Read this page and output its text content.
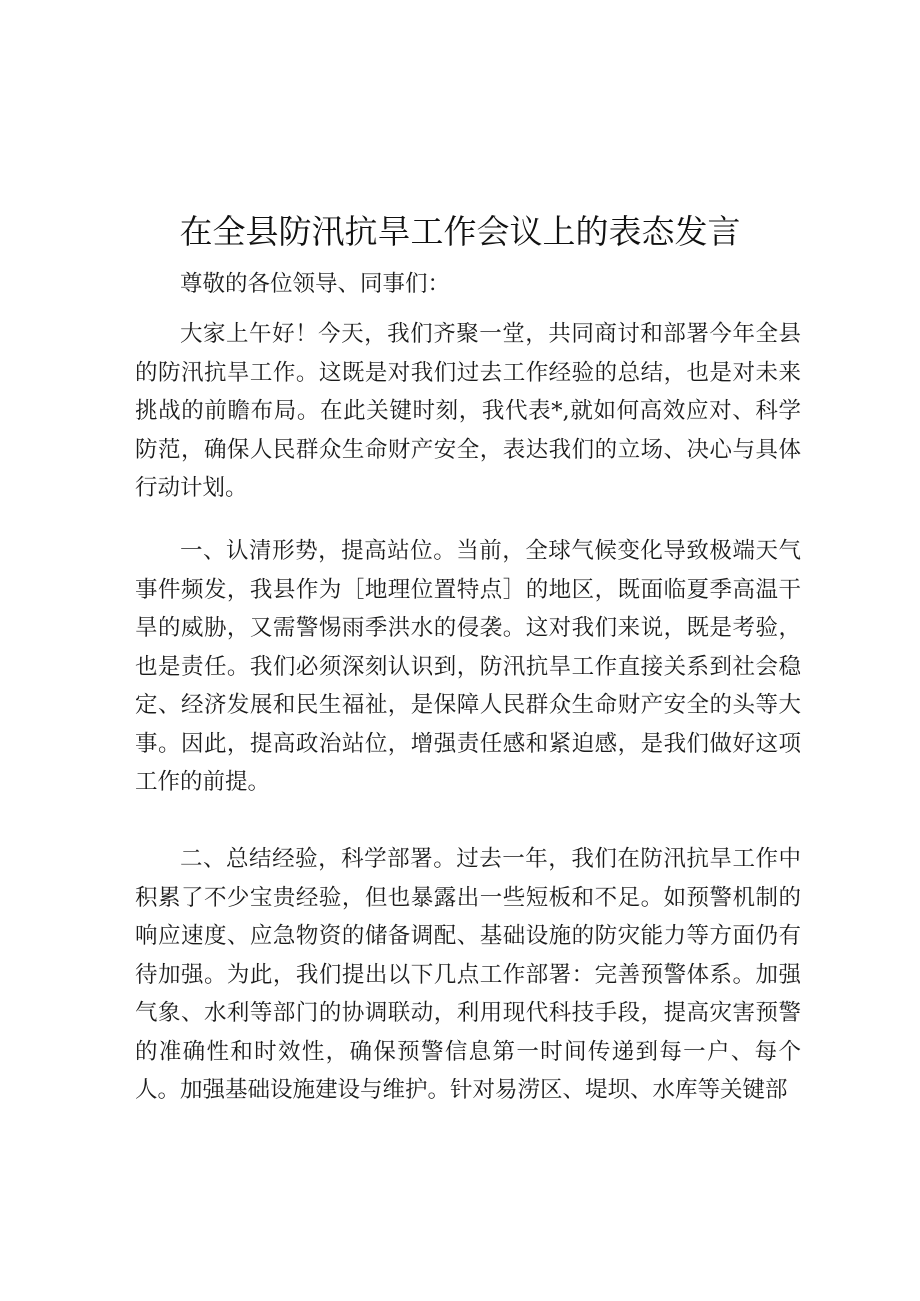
在全县防汛抗旱工作会议上的表态发言

尊敬的各位领导、同事们：

大家上午好！今天，我们齐聚一堂，共同商讨和部署今年全县的防汛抗旱工作。这既是对我们过去工作经验的总结，也是对未来挑战的前瞻布局。在此关键时刻，我代表*,就如何高效应对、科学防范，确保人民群众生命财产安全，表达我们的立场、决心与具体行动计划。

一、认清形势，提高站位。当前，全球气候变化导致极端天气事件频发，我县作为［地理位置特点］的地区，既面临夏季高温干旱的威胁，又需警惕雨季洪水的侵袭。这对我们来说，既是考验，也是责任。我们必须深刻认识到，防汛抗旱工作直接关系到社会稳定、经济发展和民生福祉，是保障人民群众生命财产安全的头等大事。因此，提高政治站位，增强责任感和紧迫感，是我们做好这项工作的前提。

二、总结经验，科学部署。过去一年，我们在防汛抗旱工作中积累了不少宝贵经验，但也暴露出一些短板和不足。如预警机制的响应速度、应急物资的储备调配、基础设施的防灾能力等方面仍有待加强。为此，我们提出以下几点工作部署：完善预警体系。加强气象、水利等部门的协调联动，利用现代科技手段，提高灾害预警的准确性和时效性，确保预警信息第一时间传递到每一户、每个人。加强基础设施建设与维护。针对易涝区、堤坝、水库等关键部
